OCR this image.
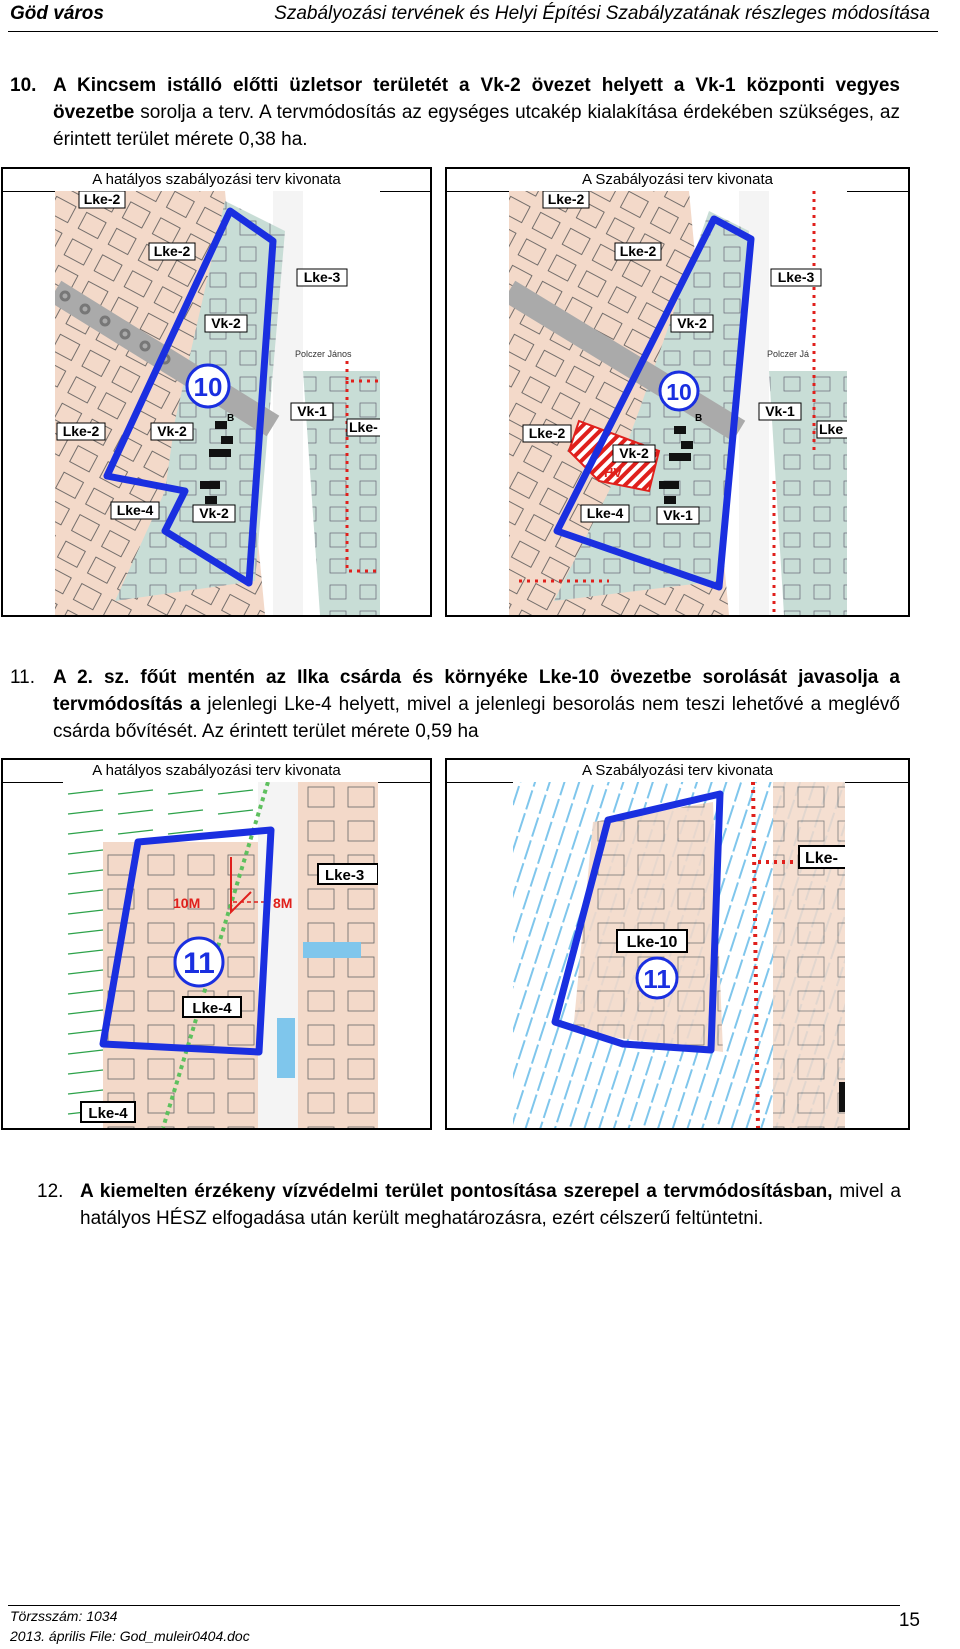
Göd város	Szabályozási tervének és Helyi Építési Szabályzatának részleges módosítása
10. A Kincsem istálló előtti üzletsor területét a Vk-2 övezet helyett a Vk-1 központi vegyes övezetbe sorolja a terv. A tervmódosítás az egységes utcakép kialakítása érdekében szükséges, az érintett terület mérete 0,38 ha.
A hatályos szabályozási terv kivonata
10
B
Polczer János
Lke-2
Lke-2
Lke-3
Vk-2
Vk-1
Lke-
Lke-2	Vk-2
Lke-4	Vk-2
A Szabályozási terv kivonata
10
B
Polczer Já
HV
Lke-2
Lke-2
Lke-3
Vk-2
Vk-1
Lke
Lke-2
Vk-2
Lke-4	Vk-1
11. A 2. sz. főút mentén az Ilka csárda és környéke Lke-10 övezetbe sorolását javasolja a tervmódosítás a jelenlegi Lke-4 helyett, mivel a jelenlegi besorolás nem teszi lehetővé a meglévő csárda bővítését. Az érintett terület mérete 0,59 ha
A hatályos szabályozási terv kivonata
10M	8M
11
Lke-3
Lke-4
Lke-4
A Szabályozási terv kivonata
11
Lke-10
Lke-
12. A kiemelten érzékeny vízvédelmi terület pontosítása szerepel a tervmódosításban, mivel a hatályos HÉSZ elfogadása után került meghatározásra, ezért célszerű feltüntetni.
Törzsszám: 1034
2013. április File: God_muleir0404.doc
15
